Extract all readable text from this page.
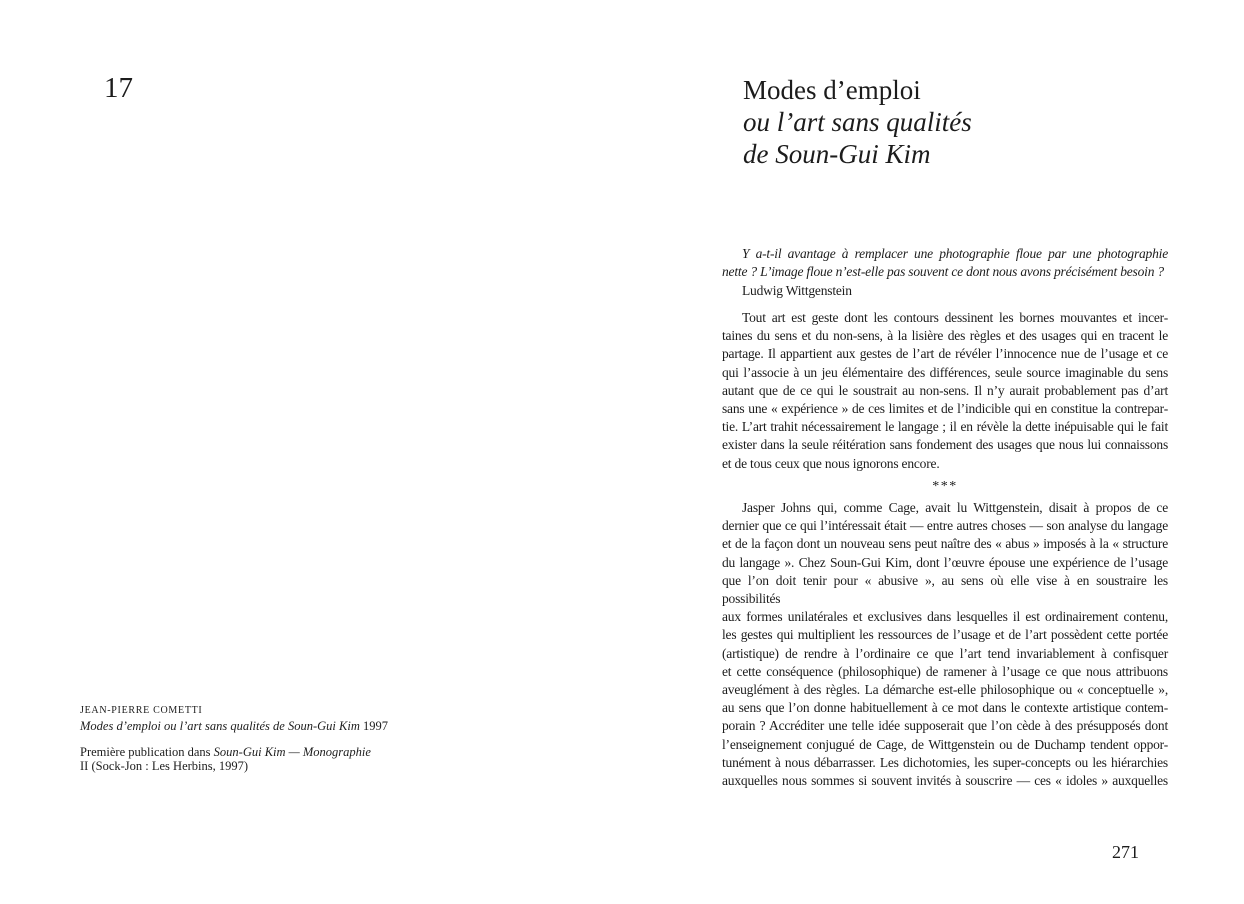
17
JEAN-PIERRE COMETTI
Modes d’emploi ou l’art sans qualités de Soun-Gui Kim 1997
Première publication dans Soun-Gui Kim — Monographie
II (Sock-Jon : Les Herbins, 1997)
Modes d’emploi
ou l’art sans qualités
de Soun-Gui Kim
Y a-t-il avantage à remplacer une photographie floue par une photographie
nette ? L’image floue n’est-elle pas souvent ce dont nous avons précisément besoin ?
Ludwig Wittgenstein
Tout art est geste dont les contours dessinent les bornes mouvantes et incer-
taines du sens et du non-sens, à la lisière des règles et des usages qui en tracent le
partage. Il appartient aux gestes de l’art de révéler l’innocence nue de l’usage et ce
qui l’associe à un jeu élémentaire des différences, seule source imaginable du sens
autant que de ce qui le soustrait au non-sens. Il n’y aurait probablement pas d’art
sans une « expérience » de ces limites et de l’indicible qui en constitue la contrepar-
tie. L’art trahit nécessairement le langage ; il en révèle la dette inépuisable qui le fait
exister dans la seule réitération sans fondement des usages que nous lui connaissons
et de tous ceux que nous ignorons encore.
***
Jasper Johns qui, comme Cage, avait lu Wittgenstein, disait à propos de ce
dernier que ce qui l’intéressait était — entre autres choses — son analyse du langage
et de la façon dont un nouveau sens peut naître des « abus » imposés à la « structure
du langage ». Chez Soun-Gui Kim, dont l’œuvre épouse une expérience de l’usage
que l’on doit tenir pour « abusive », au sens où elle vise à en soustraire les possibilités
aux formes unilatérales et exclusives dans lesquelles il est ordinairement contenu,
les gestes qui multiplient les ressources de l’usage et de l’art possèdent cette portée
(artistique) de rendre à l’ordinaire ce que l’art tend invariablement à confisquer
et cette conséquence (philosophique) de ramener à l’usage ce que nous attribuons
aveuglément à des règles. La démarche est-elle philosophique ou « conceptuelle »,
au sens que l’on donne habituellement à ce mot dans le contexte artistique contem-
porain ? Accréditer une telle idée supposerait que l’on cède à des présupposés dont
l’enseignement conjugué de Cage, de Wittgenstein ou de Duchamp tendent oppor-
tunément à nous débarrasser. Les dichotomies, les super-concepts ou les hiérarchies
auxquelles nous sommes si souvent invités à souscrire — ces « idoles » auxquelles
271
